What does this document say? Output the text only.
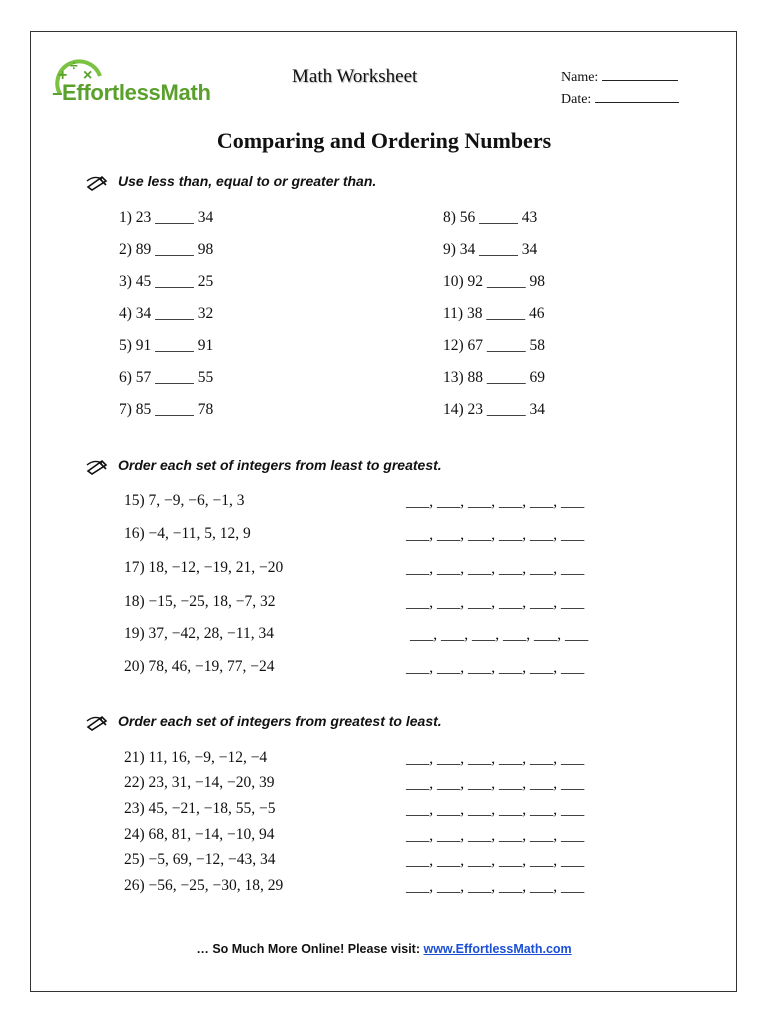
+
÷
×
− EffortlessMath
Math Worksheet	Name:
Date:
Comparing and Ordering Numbers
Use less than, equal to or greater than.
1) 23 _____ 34
2) 89 _____ 98
3) 45 _____ 25
4) 34 _____ 32
5) 91 _____ 91
6) 57 _____ 55
7) 85 _____ 78
8) 56 _____ 43
9) 34 _____ 34
10) 92 _____ 98
11) 38 _____ 46
12) 67 _____ 58
13) 88 _____ 69
14) 23 _____ 34
Order each set of integers from least to greatest.
15) 7, −9, −6, −1, 3	___, ___, ___, ___, ___, ___
16) −4, −11, 5, 12, 9	___, ___, ___, ___, ___, ___
17) 18, −12, −19, 21, −20	___, ___, ___, ___, ___, ___
18) −15, −25, 18, −7, 32	___, ___, ___, ___, ___, ___
19) 37, −42, 28, −11, 34	___, ___, ___, ___, ___, ___
20) 78, 46, −19, 77, −24	___, ___, ___, ___, ___, ___
Order each set of integers from greatest to least.
21) 11, 16, −9, −12, −4	___, ___, ___, ___, ___, ___
22) 23, 31, −14, −20, 39	___, ___, ___, ___, ___, ___
23) 45, −21, −18, 55, −5	___, ___, ___, ___, ___, ___
24) 68, 81, −14, −10, 94	___, ___, ___, ___, ___, ___
25) −5, 69, −12, −43, 34	___, ___, ___, ___, ___, ___
26) −56, −25, −30, 18, 29	___, ___, ___, ___, ___, ___
… So Much More Online! Please visit: www.EffortlessMath.com
